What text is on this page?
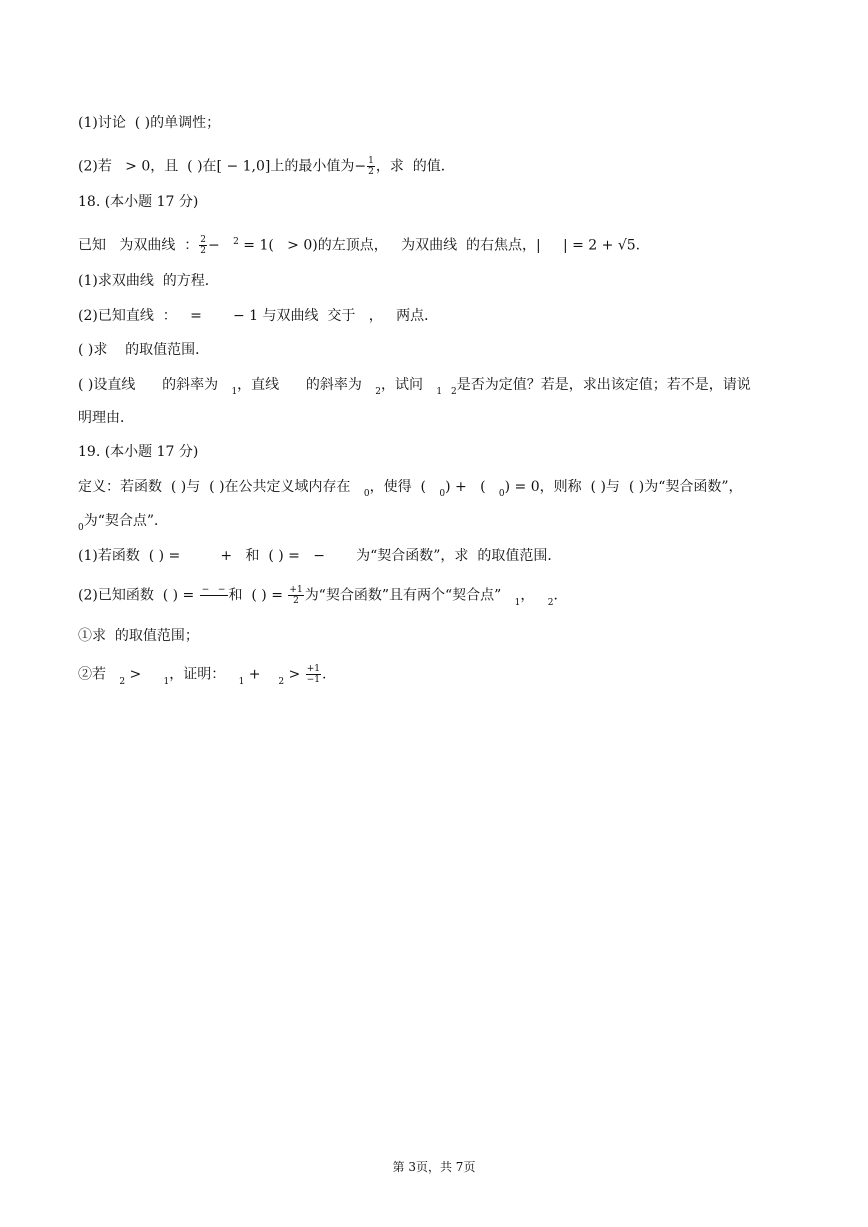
(1)讨论  ( )的单调性；
(2)若   > 0，且  ( )在[ − 1,0]上的最小值为− $\frac{1}{2}$ ，求  的值．
18. (本小题 17 分)
已知   为双曲线  ： $\frac{2}{2} - ^2 = 1( > 0)$的左顶点，   为双曲线  的右焦点，|     | = 2 + √5.
(1)求双曲线  的方程．
(2)已知直线  ：   =       − 1 与双曲线  交于   ，   两点．
( )求    的取值范围．
( )设直线      的斜率为   $_1$，直线      的斜率为   $_2$，试问   $_1$ $_2$是否为定值？若是，求出该定值；若不是，请说
明理由．
19. (本小题 17 分)
定义：若函数  ( )与  ( )在公共定义域内存在   $_0$，使得  (   $_0$) +   (   $_0$) = 0，则称  ( )与  ( )为“契合函数”，
$_0$为“契合点”．
(1)若函数  ( ) =         +   和  ( ) =   −       为“契合函数”，求  的取值范围．
(2)已知函数  ( ) = −   −
和  ( ) = $\frac{+1}{2}$ 为“契合函数”且有两个“契合点”   $_1$，   $_2$．
①求  的取值范围；
②若   $_2$ >     $_1$，证明：   $_1$ +    $_2 > \frac{+1}{-1}$ .
第 3页，共 7页
